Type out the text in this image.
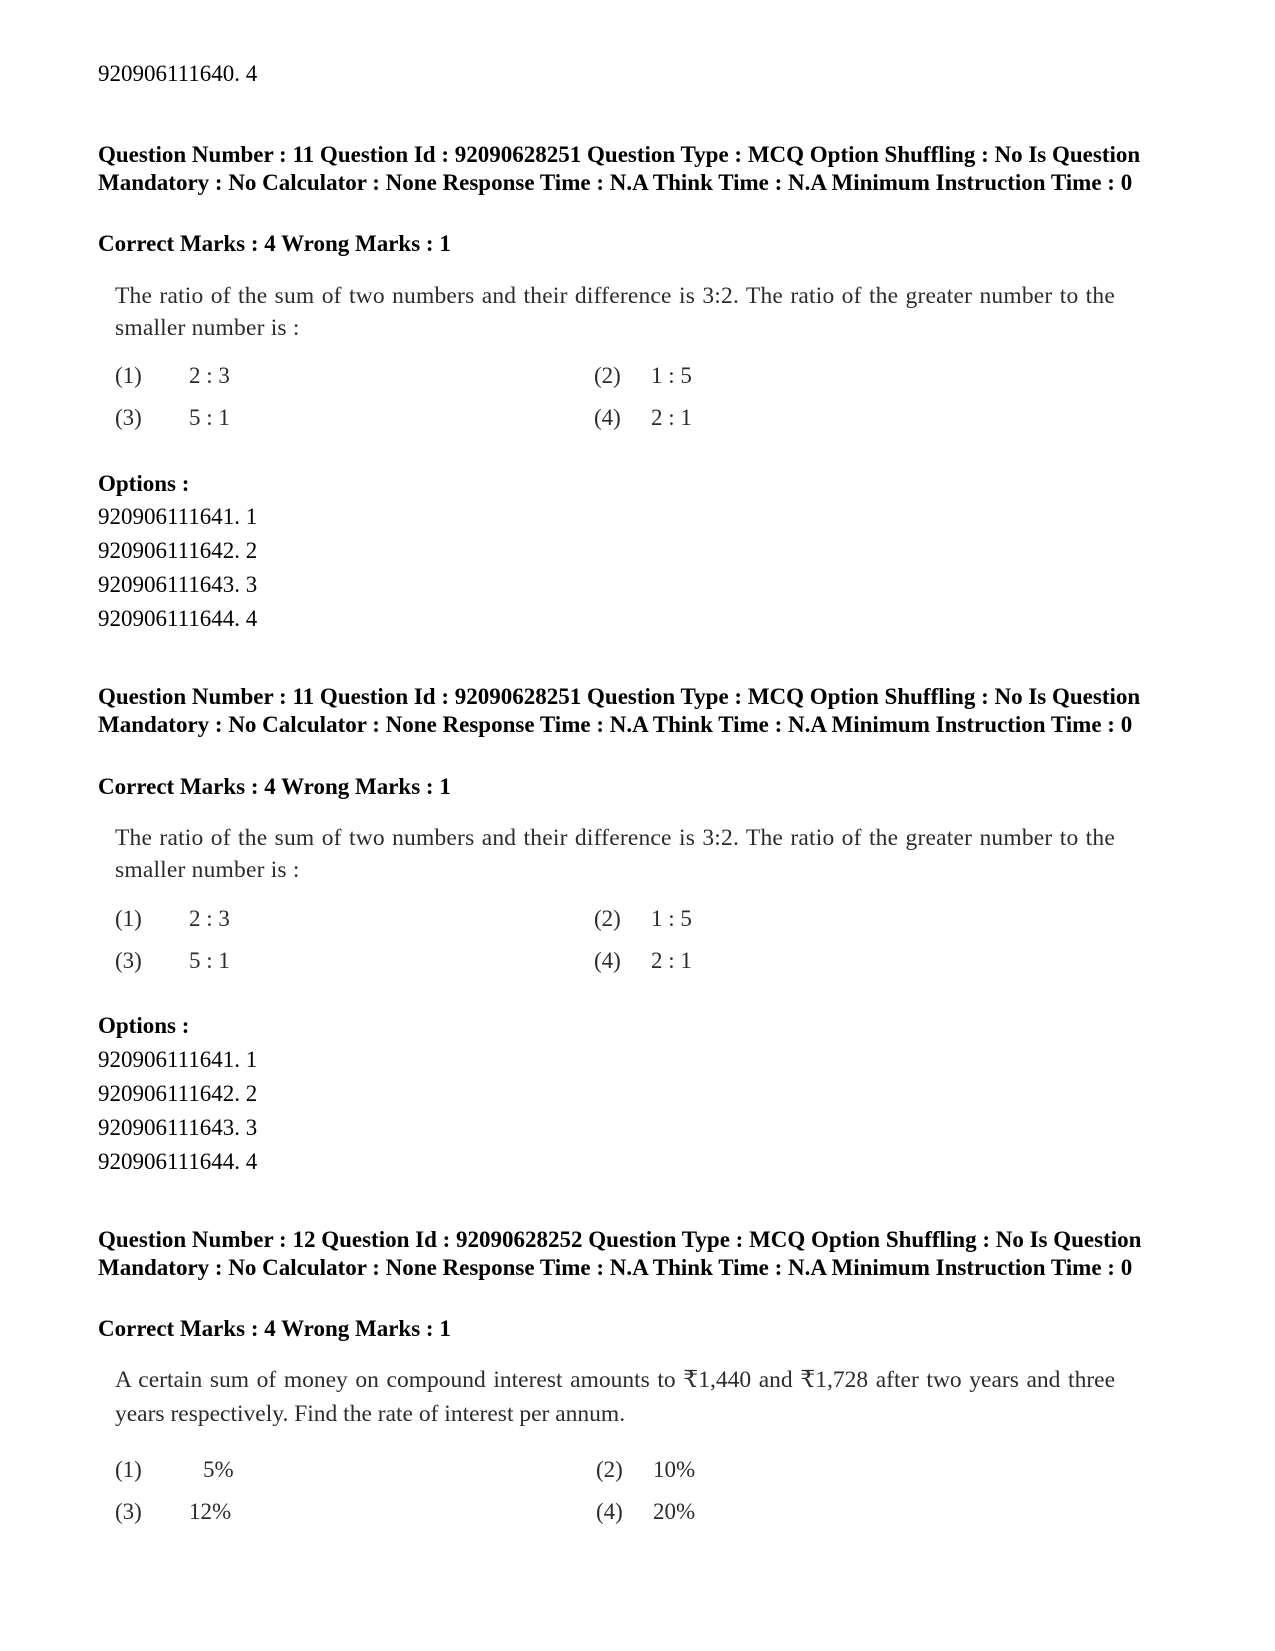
920906111640. 4
Question Number : 11 Question Id : 92090628251 Question Type : MCQ Option Shuffling : No Is Question Mandatory : No Calculator : None Response Time : N.A Think Time : N.A Minimum Instruction Time : 0
Correct Marks : 4 Wrong Marks : 1
The ratio of the sum of two numbers and their difference is 3:2. The ratio of the greater number to the smaller number is :
(1) 2 : 3	(2) 1 : 5
(3) 5 : 1	(4) 2 : 1
Options :
920906111641. 1
920906111642. 2
920906111643. 3
920906111644. 4
Question Number : 11 Question Id : 92090628251 Question Type : MCQ Option Shuffling : No Is Question Mandatory : No Calculator : None Response Time : N.A Think Time : N.A Minimum Instruction Time : 0
Correct Marks : 4 Wrong Marks : 1
The ratio of the sum of two numbers and their difference is 3:2. The ratio of the greater number to the smaller number is :
(1) 2 : 3	(2) 1 : 5
(3) 5 : 1	(4) 2 : 1
Options :
920906111641. 1
920906111642. 2
920906111643. 3
920906111644. 4
Question Number : 12 Question Id : 92090628252 Question Type : MCQ Option Shuffling : No Is Question Mandatory : No Calculator : None Response Time : N.A Think Time : N.A Minimum Instruction Time : 0
Correct Marks : 4 Wrong Marks : 1
A certain sum of money on compound interest amounts to ₹1,440 and ₹1,728 after two years and three years respectively. Find the rate of interest per annum.
(1)	5%	(2) 10%
(3) 12%	(4) 20%
